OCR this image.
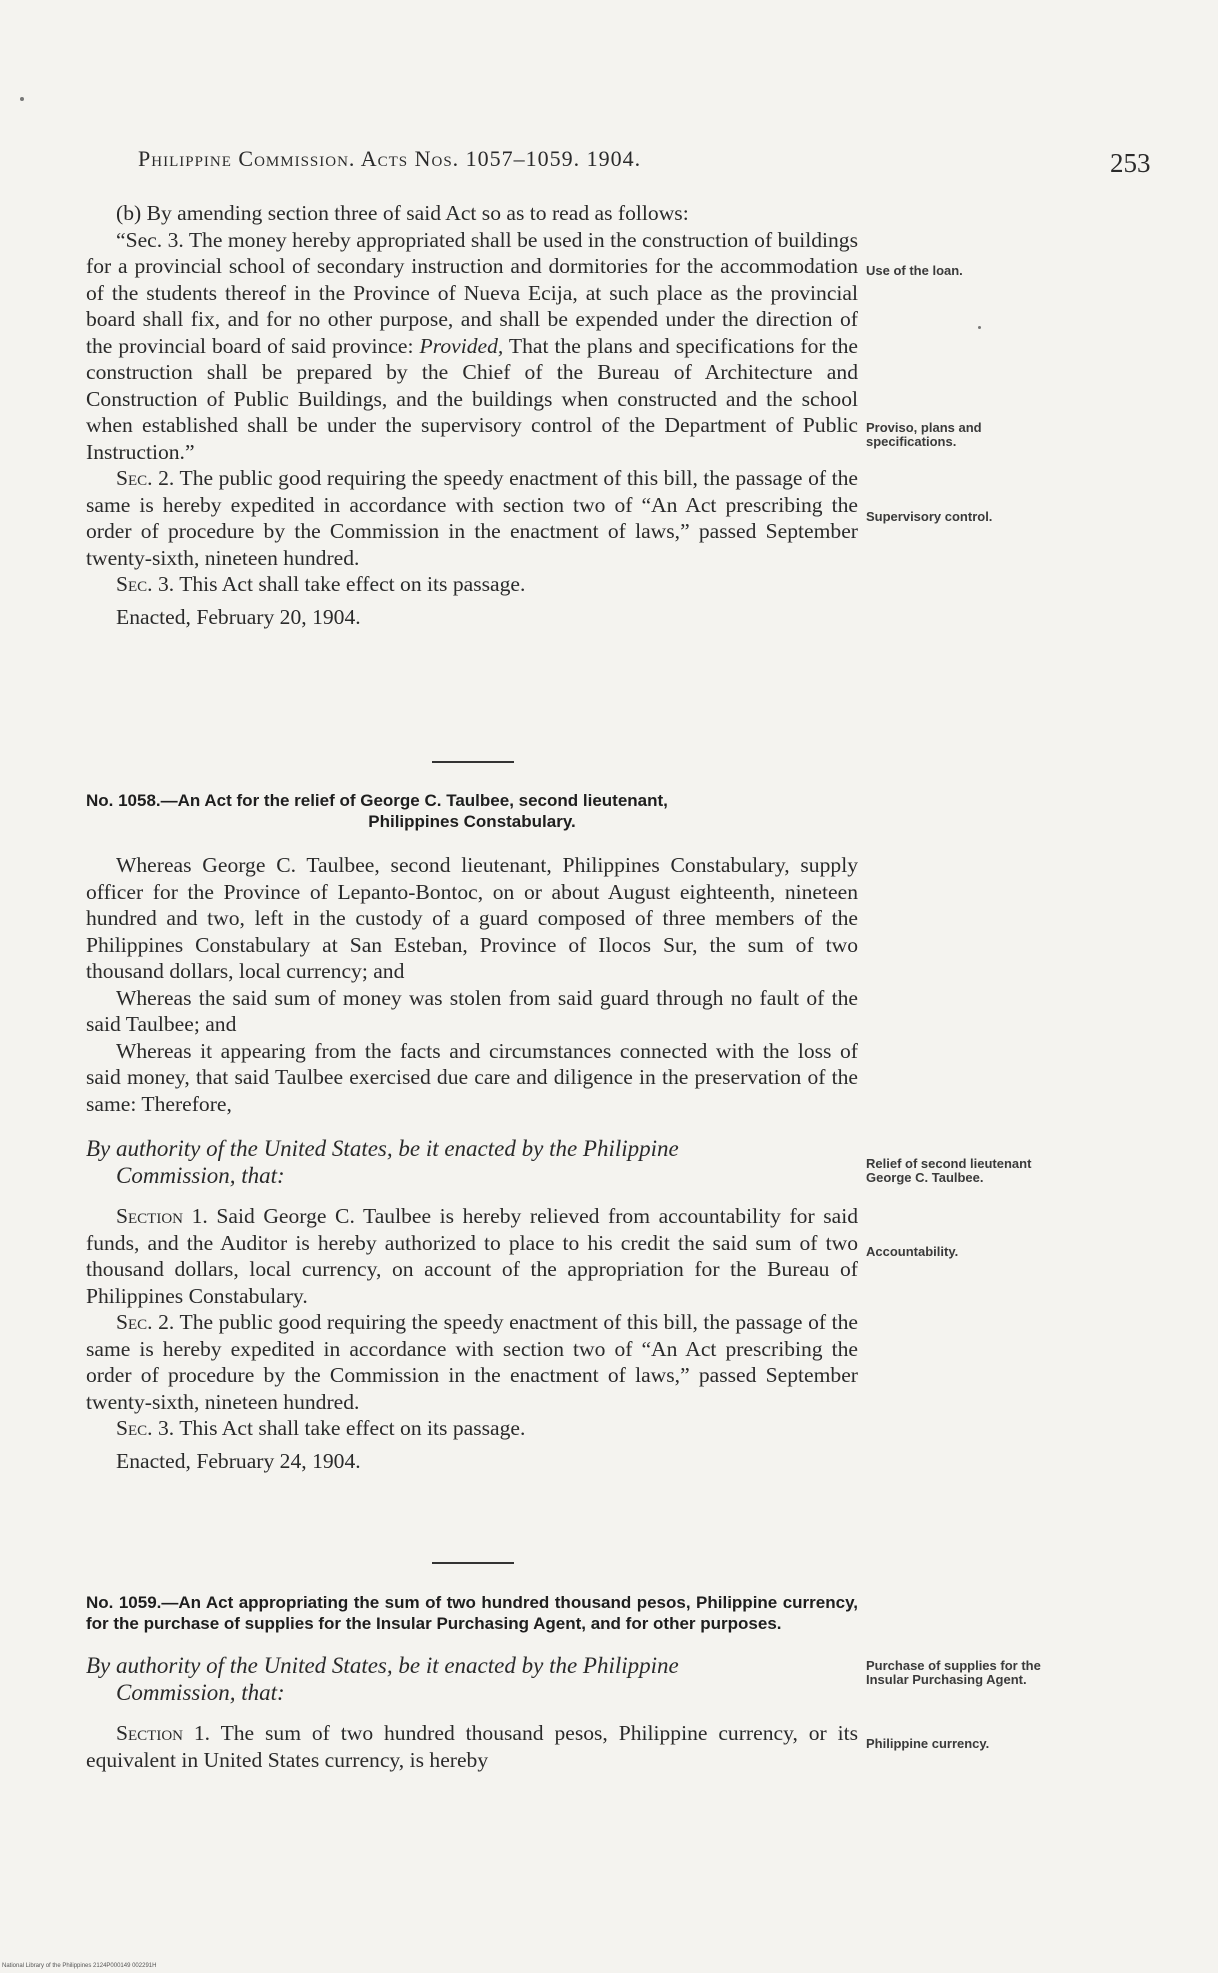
Philippine Commission. Acts Nos. 1057–1059. 1904.	253

(b) By amending section three of said Act so as to read as follows:

“Sec. 3. The money hereby appropriated shall be used in the construction of buildings for a provincial school of secondary instruction and dormitories for the accommodation of the students thereof in the Province of Nueva Ecija, at such place as the provincial board shall fix, and for no other purpose, and shall be expended under the direction of the provincial board of said province: Provided, That the plans and specifications for the construction shall be prepared by the Chief of the Bureau of Architecture and Construction of Public Buildings, and the buildings when constructed and the school when established shall be under the supervisory control of the Department of Public Instruction.”

Sec. 2. The public good requiring the speedy enactment of this bill, the passage of the same is hereby expedited in accordance with section two of “An Act prescribing the order of procedure by the Commission in the enactment of laws,” passed September twenty-sixth, nineteen hundred.

Sec. 3. This Act shall take effect on its passage.

Enacted, February 20, 1904.

No. 1058.—An Act for the relief of George C. Taulbee, second lieutenant,
Philippines Constabulary.

Whereas George C. Taulbee, second lieutenant, Philippines Constabulary, supply officer for the Province of Lepanto-Bontoc, on or about August eighteenth, nineteen hundred and two, left in the custody of a guard composed of three members of the Philippines Constabulary at San Esteban, Province of Ilocos Sur, the sum of two thousand dollars, local currency; and

Whereas the said sum of money was stolen from said guard through no fault of the said Taulbee; and

Whereas it appearing from the facts and circumstances connected with the loss of said money, that said Taulbee exercised due care and diligence in the preservation of the same: Therefore,

By authority of the United States, be it enacted by the Philippine
Commission, that:

Section 1. Said George C. Taulbee is hereby relieved from accountability for said funds, and the Auditor is hereby authorized to place to his credit the said sum of two thousand dollars, local currency, on account of the appropriation for the Bureau of Philippines Constabulary.

Sec. 2. The public good requiring the speedy enactment of this bill, the passage of the same is hereby expedited in accordance with section two of “An Act prescribing the order of procedure by the Commission in the enactment of laws,” passed September twenty-sixth, nineteen hundred.

Sec. 3. This Act shall take effect on its passage.

Enacted, February 24, 1904.

No. 1059.—An Act appropriating the sum of two hundred thousand pesos, Philippine currency, for the purchase of supplies for the Insular Purchasing Agent, and for other purposes.

By authority of the United States, be it enacted by the Philippine
Commission, that:

Section 1. The sum of two hundred thousand pesos, Philippine currency, or its equivalent in United States currency, is hereby

Use of the loan.
Proviso, plans and specifications.
Supervisory control.
Relief of second lieutenant George C. Taulbee.
Accountability.
Purchase of supplies for the Insular Purchasing Agent.
Philippine currency.
National Library of the Philippines 2124P000149 002291H
